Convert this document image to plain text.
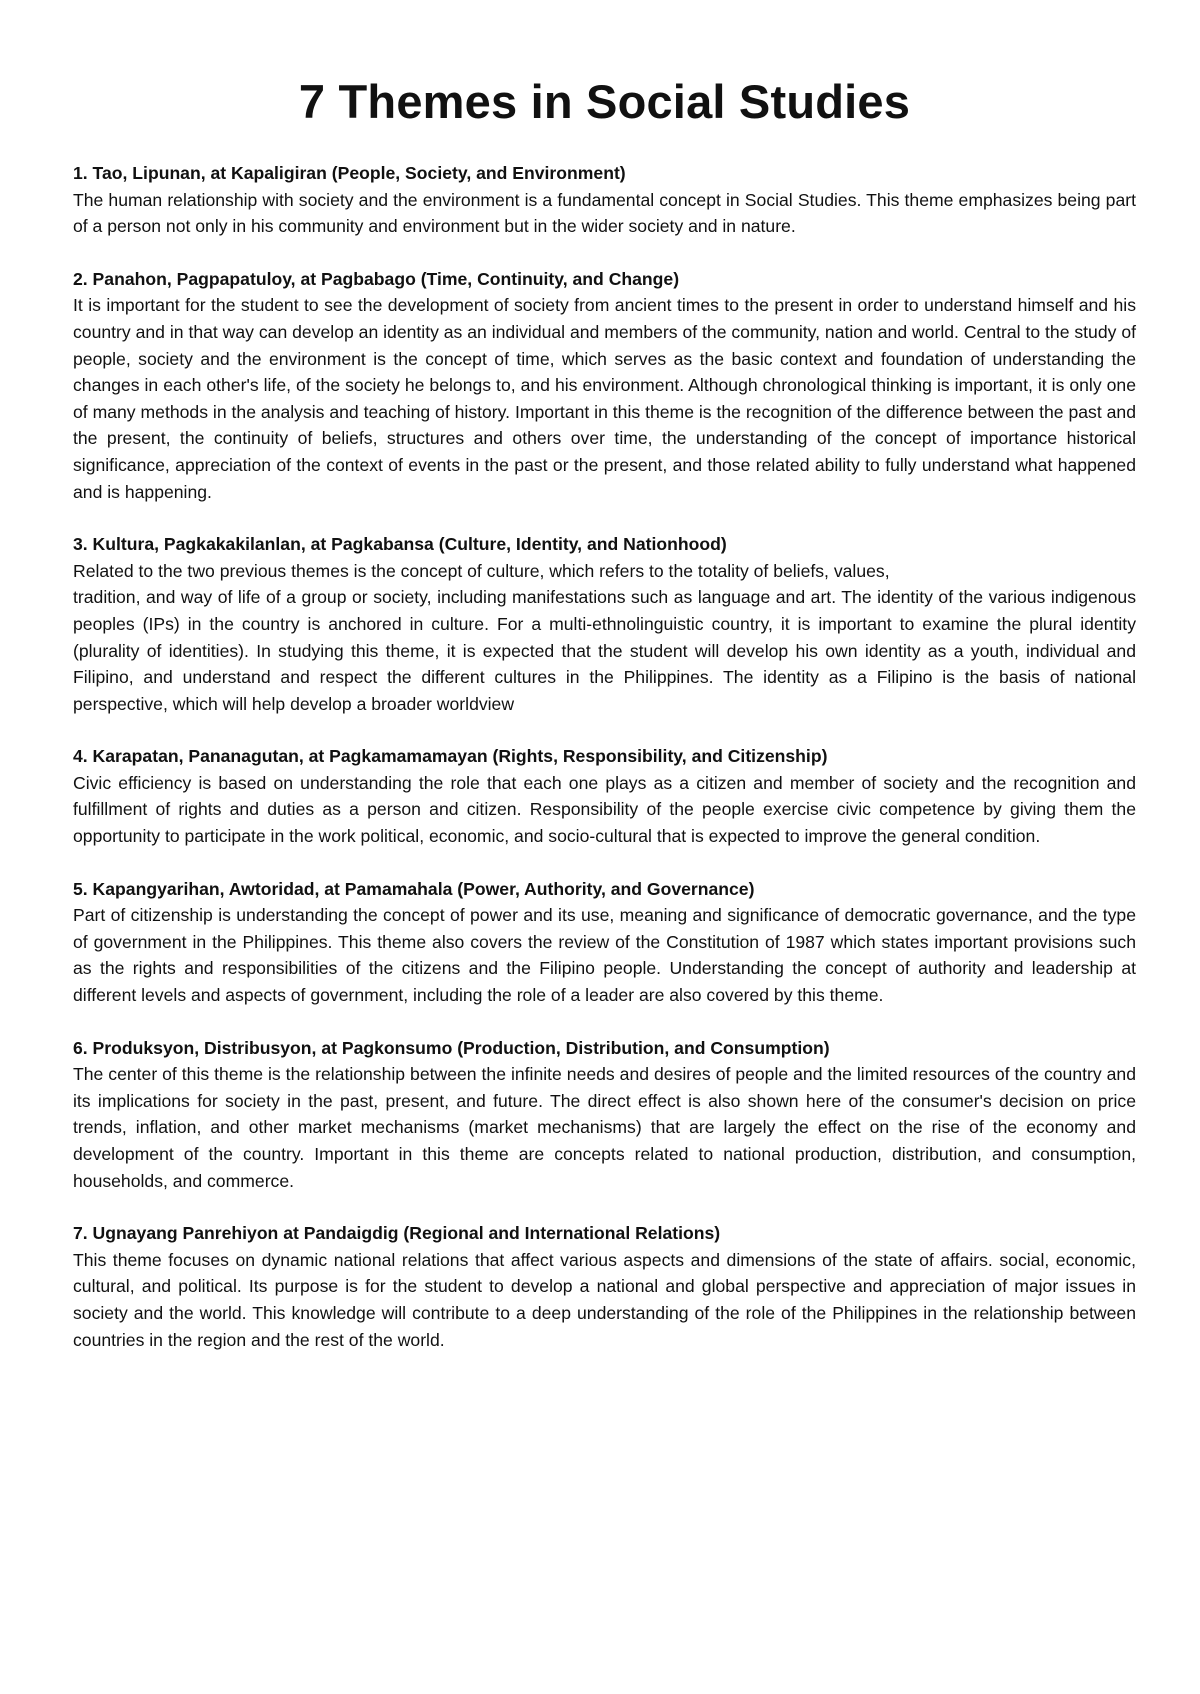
7 Themes in Social Studies

1. Tao, Lipunan, at Kapaligiran (People, Society, and Environment)

The human relationship with society and the environment is a fundamental concept in Social Studies. This theme emphasizes being part of a person not only in his community and environment but in the wider society and in nature.

2. Panahon, Pagpapatuloy, at Pagbabago (Time, Continuity, and Change)

It is important for the student to see the development of society from ancient times to the present in order to understand himself and his country and in that way can develop an identity as an individual and members of the community, nation and world. Central to the study of people, society and the environment is the concept of time, which serves as the basic context and foundation of understanding the changes in each other's life, of the society he belongs to, and his environment. Although chronological thinking is important, it is only one of many methods in the analysis and teaching of history. Important in this theme is the recognition of the difference between the past and the present, the continuity of beliefs, structures and others over time, the understanding of the concept of importance historical significance, appreciation of the context of events in the past or the present, and those related ability to fully understand what happened and is happening.

3. Kultura, Pagkakakilanlan, at Pagkabansa (Culture, Identity, and Nationhood)

Related to the two previous themes is the concept of culture, which refers to the totality of beliefs, values,

tradition, and way of life of a group or society, including manifestations such as language and art. The identity of the various indigenous peoples (IPs) in the country is anchored in culture. For a multi-ethnolinguistic country, it is important to examine the plural identity (plurality of identities). In studying this theme, it is expected that the student will develop his own identity as a youth, individual and Filipino, and understand and respect the different cultures in the Philippines. The identity as a Filipino is the basis of national perspective, which will help develop a broader worldview

4. Karapatan, Pananagutan, at Pagkamamamayan (Rights, Responsibility, and Citizenship)

Civic efficiency is based on understanding the role that each one plays as a citizen and member of society and the recognition and fulfillment of rights and duties as a person and citizen. Responsibility of the people exercise civic competence by giving them the opportunity to participate in the work political, economic, and socio-cultural that is expected to improve the general condition.

5. Kapangyarihan, Awtoridad, at Pamamahala (Power, Authority, and Governance)

Part of citizenship is understanding the concept of power and its use, meaning and significance of democratic governance, and the type of government in the Philippines. This theme also covers the review of the Constitution of 1987 which states important provisions such as the rights and responsibilities of the citizens and the Filipino people. Understanding the concept of authority and leadership at different levels and aspects of government, including the role of a leader are also covered by this theme.

6. Produksyon, Distribusyon, at Pagkonsumo (Production, Distribution, and Consumption)

The center of this theme is the relationship between the infinite needs and desires of people and the limited resources of the country and its implications for society in the past, present, and future. The direct effect is also shown here of the consumer's decision on price trends, inflation, and other market mechanisms (market mechanisms) that are largely the effect on the rise of the economy and development of the country. Important in this theme are concepts related to national production, distribution, and consumption, households, and commerce.

7. Ugnayang Panrehiyon at Pandaigdig (Regional and International Relations)

This theme focuses on dynamic national relations that affect various aspects and dimensions of the state of affairs. social, economic, cultural, and political. Its purpose is for the student to develop a national and global perspective and appreciation of major issues in society and the world. This knowledge will contribute to a deep understanding of the role of the Philippines in the relationship between countries in the region and the rest of the world.
